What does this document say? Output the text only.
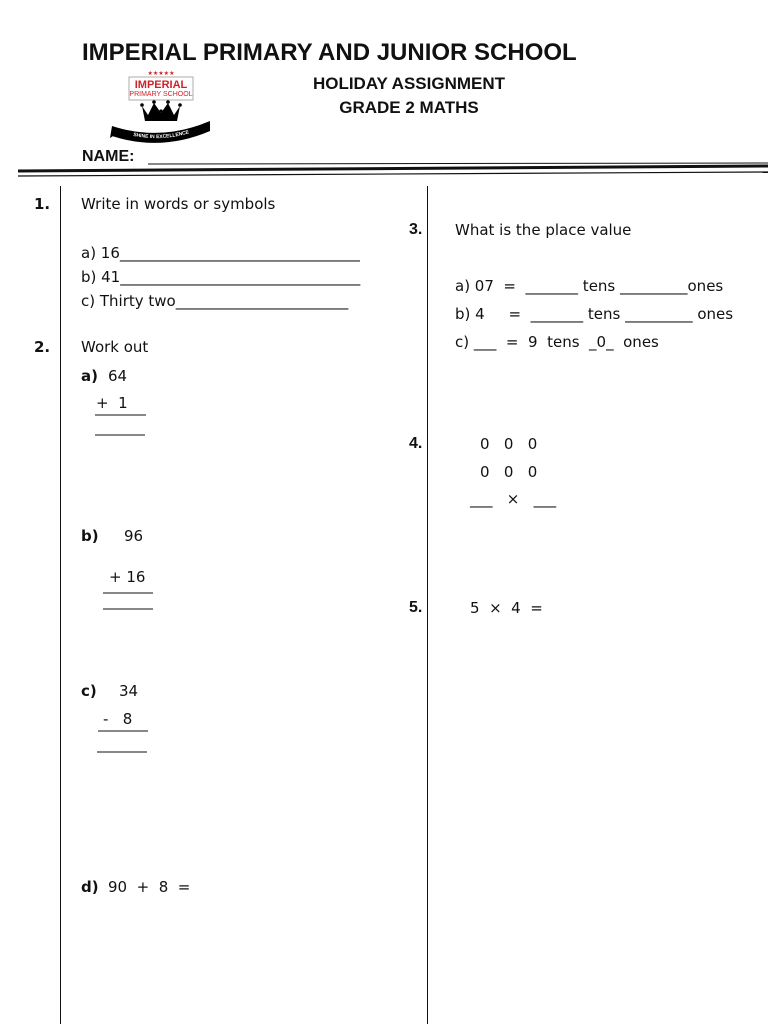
IMPERIAL PRIMARY AND JUNIOR SCHOOL
HOLIDAY ASSIGNMENT
GRADE 2 MATHS
NAME:
★★★★★
IMPERIAL
PRIMARY SCHOOL
SHINE IN EXCELLENCE
1. Write in words or symbols
a) 16________________________________
b) 41________________________________
c) Thirty two_______________________
2. Work out
a) 64
+  1
b) 96
+ 16
c) 34
-   8
d) 90  +  8  =
3. What is the place value
a) 07  =  _______ tens _________ones
b) 4     =  _______ tens _________ ones
c) ___  =  9  tens  _0_  ones
4.	0   0   0
0   0   0
___   ×   ___
5.	5  ×  4  =
